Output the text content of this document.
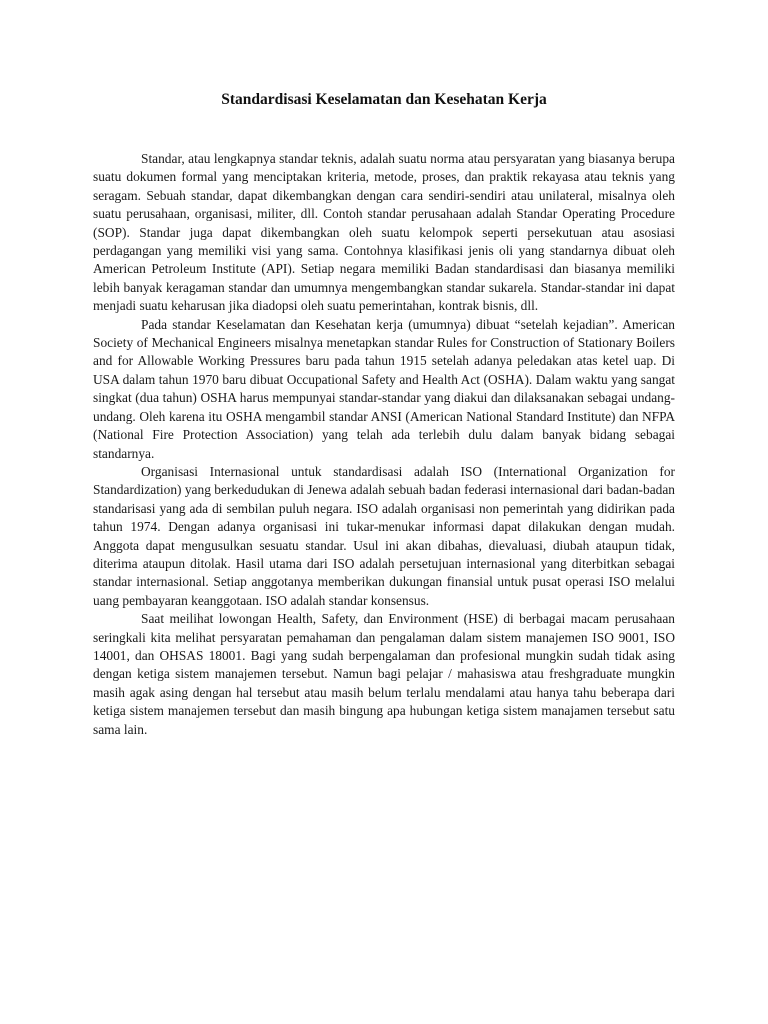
Standardisasi Keselamatan dan Kesehatan Kerja

Standar, atau lengkapnya standar teknis, adalah suatu norma atau persyaratan yang biasanya berupa suatu dokumen formal yang menciptakan kriteria, metode, proses, dan praktik rekayasa atau teknis yang seragam. Sebuah standar, dapat dikembangkan dengan cara sendiri-sendiri atau unilateral, misalnya oleh suatu perusahaan, organisasi, militer, dll. Contoh standar perusahaan adalah Standar Operating Procedure (SOP). Standar juga dapat dikembangkan oleh suatu kelompok seperti persekutuan atau asosiasi perdagangan yang memiliki visi yang sama. Contohnya klasifikasi jenis oli yang standarnya dibuat oleh American Petroleum Institute (API). Setiap negara memiliki Badan standardisasi dan biasanya memiliki lebih banyak keragaman standar dan umumnya mengembangkan standar sukarela. Standar-standar ini dapat menjadi suatu keharusan jika diadopsi oleh suatu pemerintahan, kontrak bisnis, dll.

Pada standar Keselamatan dan Kesehatan kerja (umumnya) dibuat “setelah kejadian”. American Society of Mechanical Engineers misalnya menetapkan standar Rules for Construction of Stationary Boilers and for Allowable Working Pressures baru pada tahun 1915 setelah adanya peledakan atas ketel uap. Di USA dalam tahun 1970 baru dibuat Occupational Safety and Health Act (OSHA). Dalam waktu yang sangat singkat (dua tahun) OSHA harus mempunyai standar-standar yang diakui dan dilaksanakan sebagai undang-undang. Oleh karena itu OSHA mengambil standar ANSI (American National Standard Institute) dan NFPA (National Fire Protection Association) yang telah ada terlebih dulu dalam banyak bidang sebagai standarnya.

Organisasi Internasional untuk standardisasi adalah ISO (International Organization for Standardization) yang berkedudukan di Jenewa adalah sebuah badan federasi internasional dari badan-badan standarisasi yang ada di sembilan puluh negara. ISO adalah organisasi non pemerintah yang didirikan pada tahun 1974. Dengan adanya organisasi ini tukar-menukar informasi dapat dilakukan dengan mudah. Anggota dapat mengusulkan sesuatu standar. Usul ini akan dibahas, dievaluasi, diubah ataupun tidak, diterima ataupun ditolak. Hasil utama dari ISO adalah persetujuan internasional yang diterbitkan sebagai standar internasional. Setiap anggotanya memberikan dukungan finansial untuk pusat operasi ISO melalui uang pembayaran keanggotaan. ISO adalah standar konsensus.

Saat meilihat lowongan Health, Safety, dan Environment (HSE) di berbagai macam perusahaan seringkali kita melihat persyaratan pemahaman dan pengalaman dalam sistem manajemen ISO 9001, ISO 14001, dan OHSAS 18001. Bagi yang sudah berpengalaman dan profesional mungkin sudah tidak asing dengan ketiga sistem manajemen tersebut. Namun bagi pelajar / mahasiswa atau freshgraduate mungkin masih agak asing dengan hal tersebut atau masih belum terlalu mendalami atau hanya tahu beberapa dari ketiga sistem manajemen tersebut dan masih bingung apa hubungan ketiga sistem manajamen tersebut satu sama lain.
